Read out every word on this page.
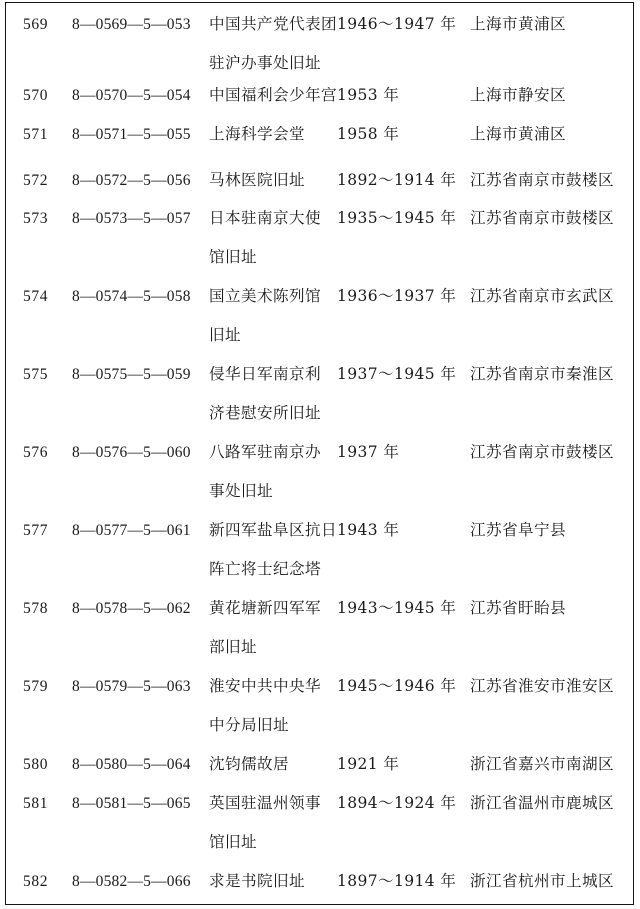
569	8—0569—5—053	中国共产党代表团
驻沪办事处旧址
1946～1947 年 上海市黄浦区
570	8—0570—5—054	中国福利会少年宫 1953 年	上海市静安区
571	8—0571—5—055	上海科学会堂	1958 年	上海市黄浦区
572	8—0572—5—056	马林医院旧址	1892～1914 年 江苏省南京市鼓楼区
573	8—0573—5—057	日本驻南京大使
馆旧址
1935～1945 年 江苏省南京市鼓楼区
574	8—0574—5—058	国立美术陈列馆
旧址
1936～1937 年 江苏省南京市玄武区
575	8—0575—5—059	侵华日军南京利
济巷慰安所旧址
1937～1945 年 江苏省南京市秦淮区
576	8—0576—5—060	八路军驻南京办
事处旧址
1937 年	江苏省南京市鼓楼区
577	8—0577—5—061	新四军盐阜区抗日
阵亡将士纪念塔
1943 年	江苏省阜宁县
578	8—0578—5—062	黄花塘新四军军
部旧址
1943～1945 年 江苏省盱眙县
579	8—0579—5—063	淮安中共中央华
中分局旧址
1945～1946 年 江苏省淮安市淮安区
580	8—0580—5—064	沈钧儒故居	1921 年	浙江省嘉兴市南湖区
581	8—0581—5—065	英国驻温州领事
馆旧址
1894～1924 年 浙江省温州市鹿城区
582	8—0582—5—066	求是书院旧址	1897～1914 年 浙江省杭州市上城区
